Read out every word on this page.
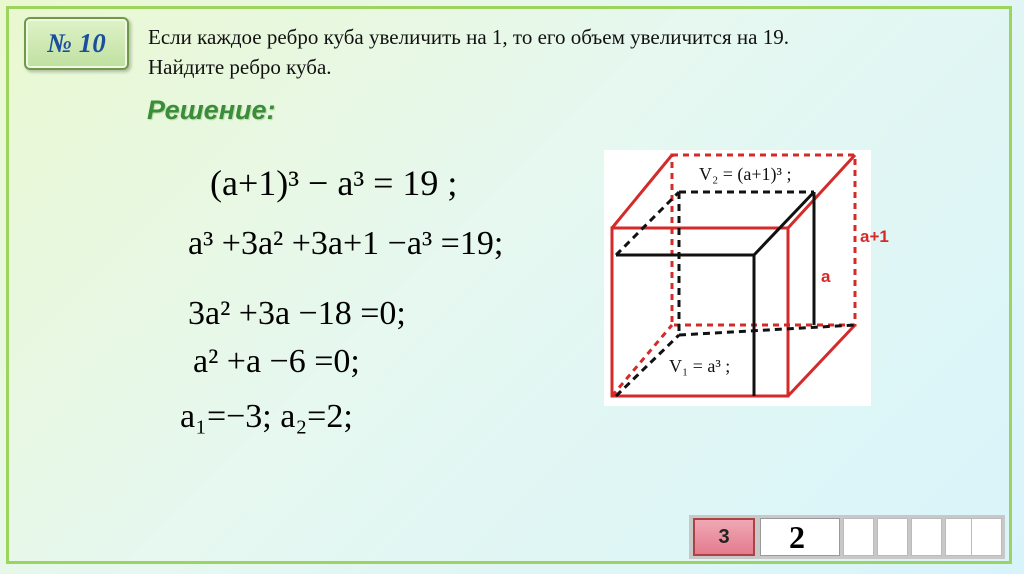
№ 10 Если каждое ребро куба увеличить на 1, то его объем увеличится на 19.
Найдите ребро куба.
Решение:
(a+1)³ − a³ = 19 ;
a³ +3a² +3a+1 −a³ =19;
3a² +3a −18 =0;
a² +a −6 =0;
a₁=−3; a₂=2;
V₂ = (a+1)³ ;
V₁ = a³ ;
a+1
a
3	2
